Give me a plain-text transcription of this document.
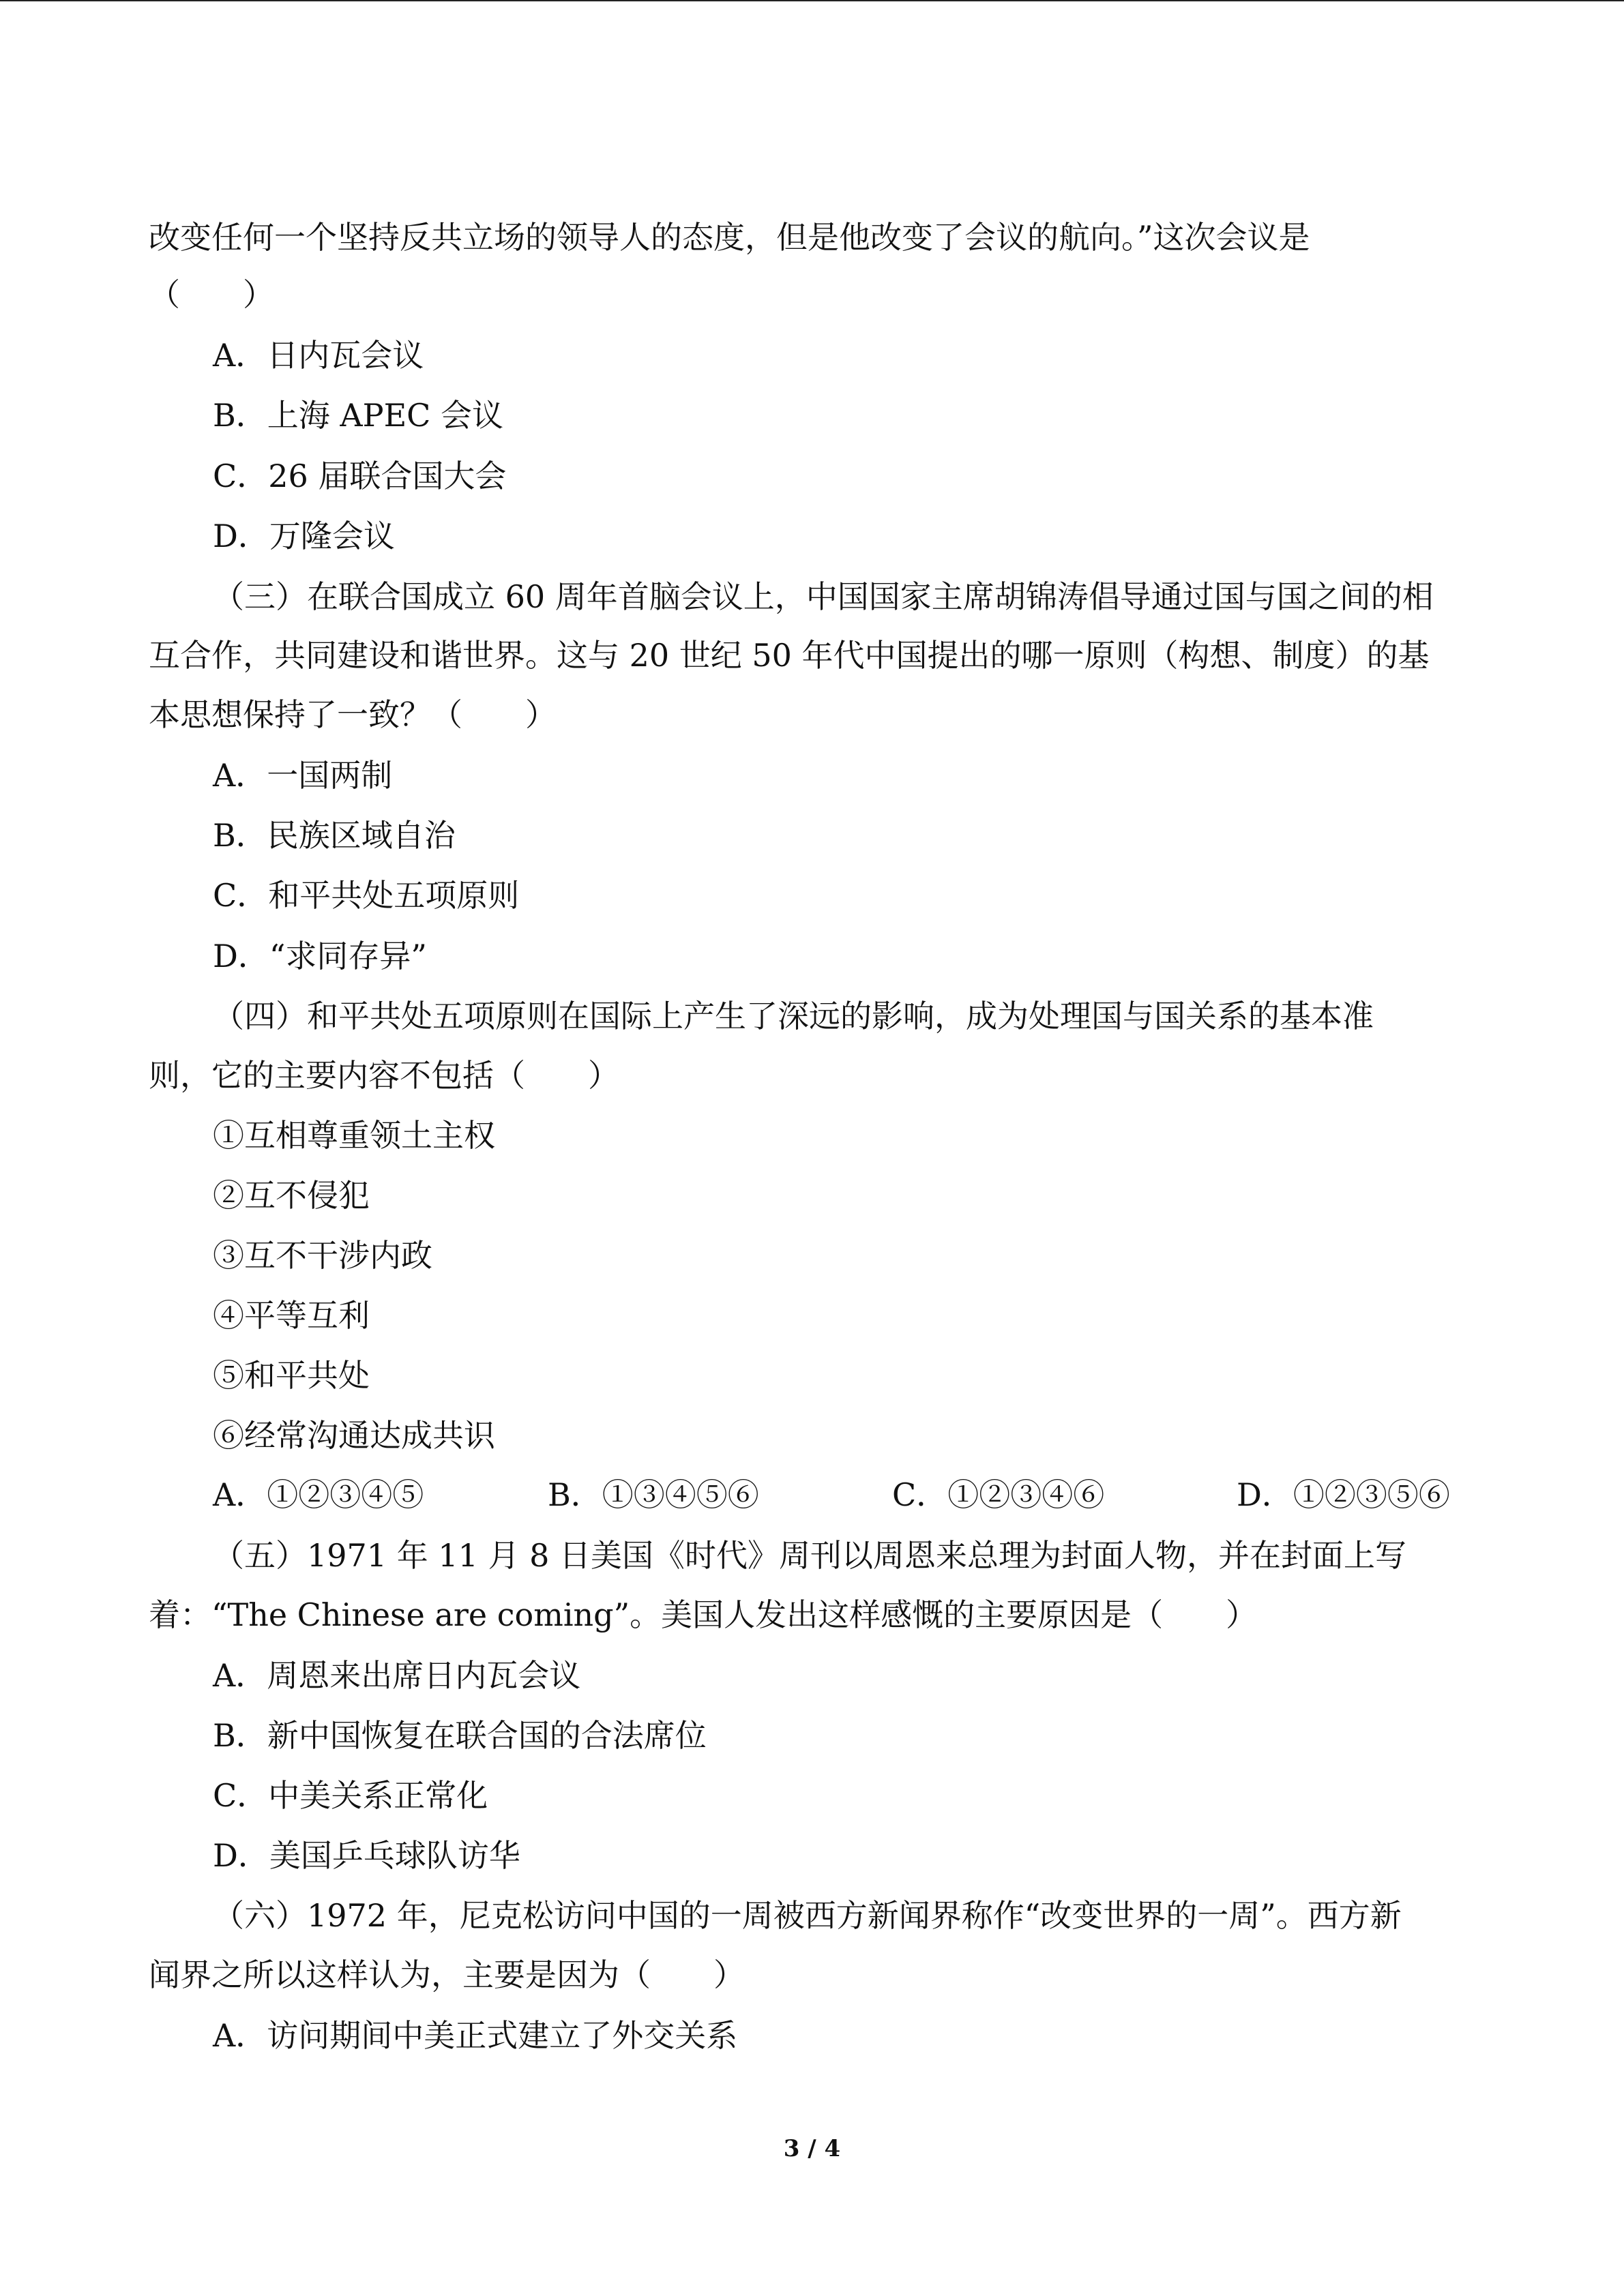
改变任何一个坚持反共立场的领导人的态度，但是他改变了会议的航向。”这次会议是
（　　）
A．日内瓦会议
B．上海 APEC 会议
C．26 届联合国大会
D．万隆会议
（三）在联合国成立 60 周年首脑会议上，中国国家主席胡锦涛倡导通过国与国之间的相
互合作，共同建设和谐世界。这与 20 世纪 50 年代中国提出的哪一原则（构想、制度）的基
本思想保持了一致？（　　）
A．一国两制
B．民族区域自治
C．和平共处五项原则
D．“求同存异”
（四）和平共处五项原则在国际上产生了深远的影响，成为处理国与国关系的基本准
则，它的主要内容不包括（　　）
①互相尊重领土主权
②互不侵犯
③互不干涉内政
④平等互利
⑤和平共处
⑥经常沟通达成共识
A．①②③④⑤	B．①③④⑤⑥	C．①②③④⑥	D．①②③⑤⑥
（五）1971 年 11 月 8 日美国《时代》周刊以周恩来总理为封面人物，并在封面上写
着：“The Chinese are coming”。美国人发出这样感慨的主要原因是（　　）
A．周恩来出席日内瓦会议
B．新中国恢复在联合国的合法席位
C．中美关系正常化
D．美国乒乓球队访华
（六）1972 年，尼克松访问中国的一周被西方新闻界称作“改变世界的一周”。西方新
闻界之所以这样认为，主要是因为（　　）
A．访问期间中美正式建立了外交关系
3 / 4
